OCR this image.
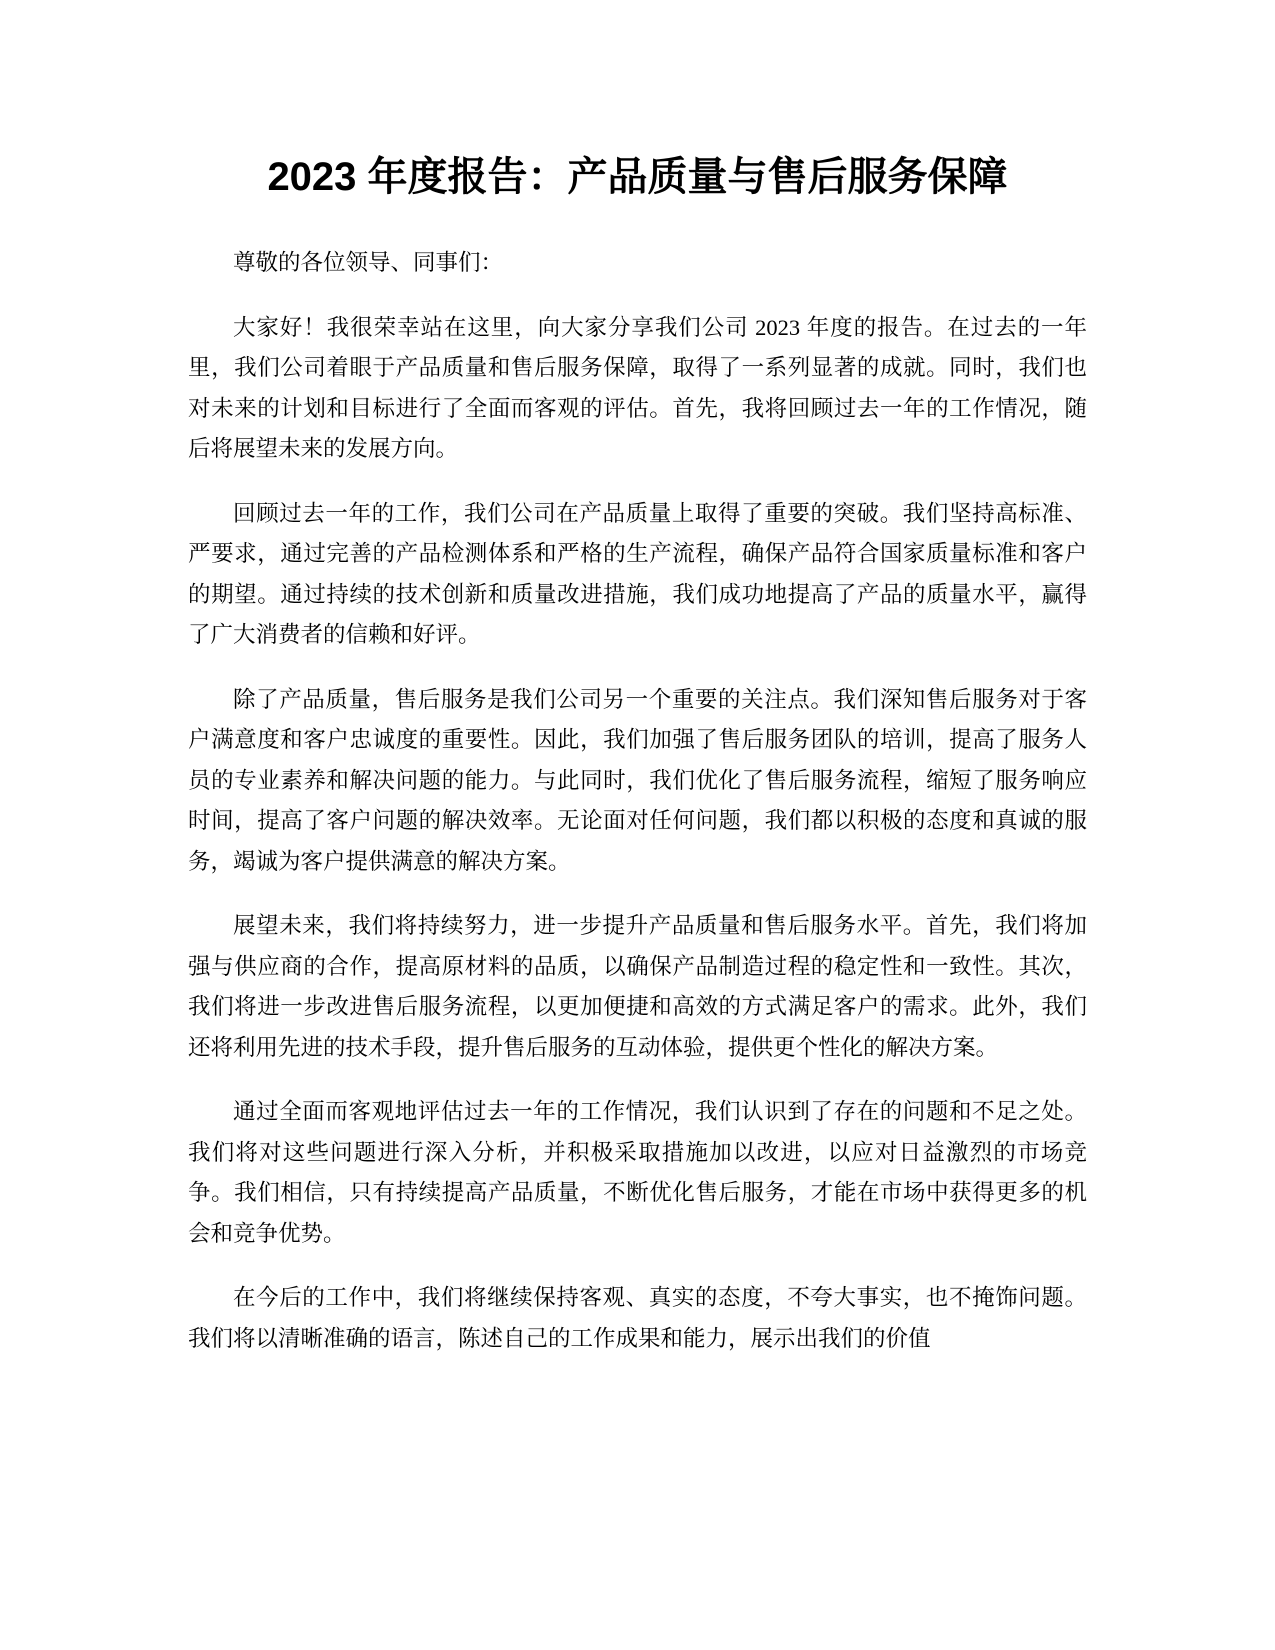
2023 年度报告：产品质量与售后服务保障

尊敬的各位领导、同事们：

大家好！我很荣幸站在这里，向大家分享我们公司 2023 年度的报告。在过去的一年里，我们公司着眼于产品质量和售后服务保障，取得了一系列显著的成就。同时，我们也对未来的计划和目标进行了全面而客观的评估。首先，我将回顾过去一年的工作情况，随后将展望未来的发展方向。

回顾过去一年的工作，我们公司在产品质量上取得了重要的突破。我们坚持高标准、严要求，通过完善的产品检测体系和严格的生产流程，确保产品符合国家质量标准和客户的期望。通过持续的技术创新和质量改进措施，我们成功地提高了产品的质量水平，赢得了广大消费者的信赖和好评。

除了产品质量，售后服务是我们公司另一个重要的关注点。我们深知售后服务对于客户满意度和客户忠诚度的重要性。因此，我们加强了售后服务团队的培训，提高了服务人员的专业素养和解决问题的能力。与此同时，我们优化了售后服务流程，缩短了服务响应时间，提高了客户问题的解决效率。无论面对任何问题，我们都以积极的态度和真诚的服务，竭诚为客户提供满意的解决方案。

展望未来，我们将持续努力，进一步提升产品质量和售后服务水平。首先，我们将加强与供应商的合作，提高原材料的品质，以确保产品制造过程的稳定性和一致性。其次，我们将进一步改进售后服务流程，以更加便捷和高效的方式满足客户的需求。此外，我们还将利用先进的技术手段，提升售后服务的互动体验，提供更个性化的解决方案。

通过全面而客观地评估过去一年的工作情况，我们认识到了存在的问题和不足之处。我们将对这些问题进行深入分析，并积极采取措施加以改进，以应对日益激烈的市场竞争。我们相信，只有持续提高产品质量，不断优化售后服务，才能在市场中获得更多的机会和竞争优势。

在今后的工作中，我们将继续保持客观、真实的态度，不夸大事实，也不掩饰问题。我们将以清晰准确的语言，陈述自己的工作成果和能力，展示出我们的价值
